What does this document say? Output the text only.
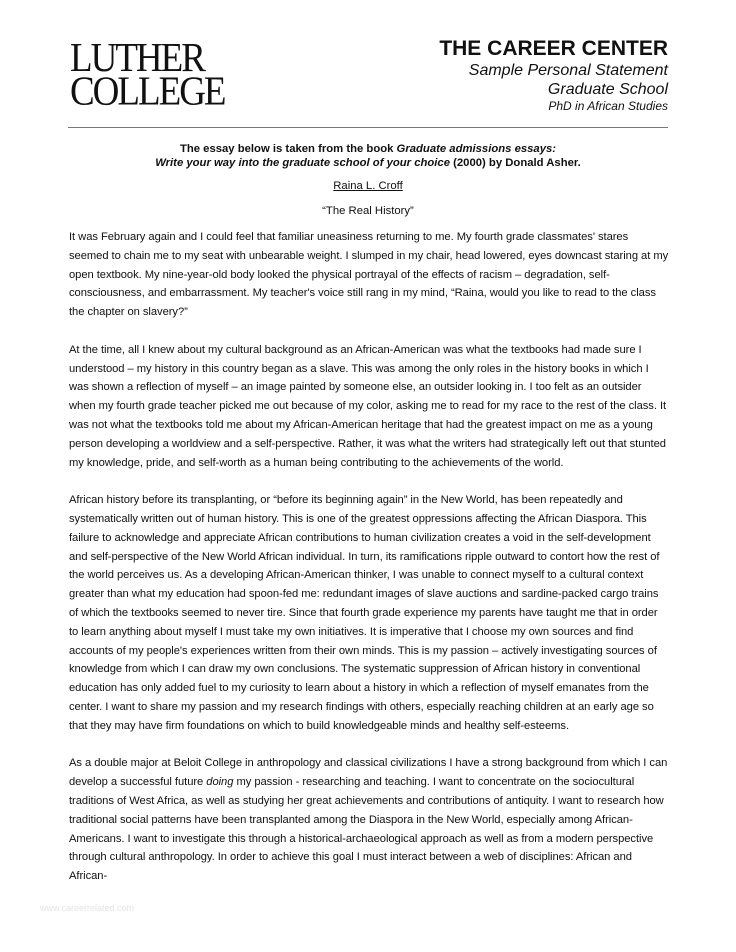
LUTHER
COLLEGE
THE CAREER CENTER
Sample Personal Statement
Graduate School
PhD in African Studies
The essay below is taken from the book Graduate admissions essays:
Write your way into the graduate school of your choice (2000) by Donald Asher.
Raina L. Croff
“The Real History”

It was February again and I could feel that familiar uneasiness returning to me. My fourth grade classmates' stares seemed to chain me to my seat with unbearable weight. I slumped in my chair, head lowered, eyes downcast staring at my open textbook. My nine-year-old body looked the physical portrayal of the effects of racism – degradation, self-consciousness, and embarrassment. My teacher's voice still rang in my mind, “Raina, would you like to read to the class the chapter on slavery?”

At the time, all I knew about my cultural background as an African-American was what the textbooks had made sure I understood – my history in this country began as a slave. This was among the only roles in the history books in which I was shown a reflection of myself – an image painted by someone else, an outsider looking in. I too felt as an outsider when my fourth grade teacher picked me out because of my color, asking me to read for my race to the rest of the class. It was not what the textbooks told me about my African-American heritage that had the greatest impact on me as a young person developing a worldview and a self-perspective. Rather, it was what the writers had strategically left out that stunted my knowledge, pride, and self-worth as a human being contributing to the achievements of the world.

African history before its transplanting, or “before its beginning again” in the New World, has been repeatedly and systematically written out of human history. This is one of the greatest oppressions affecting the African Diaspora. This failure to acknowledge and appreciate African contributions to human civilization creates a void in the self-development and self-perspective of the New World African individual. In turn, its ramifications ripple outward to contort how the rest of the world perceives us. As a developing African-American thinker, I was unable to connect myself to a cultural context greater than what my education had spoon-fed me: redundant images of slave auctions and sardine-packed cargo trains of which the textbooks seemed to never tire. Since that fourth grade experience my parents have taught me that in order to learn anything about myself I must take my own initiatives. It is imperative that I choose my own sources and find accounts of my people's experiences written from their own minds. This is my passion – actively investigating sources of knowledge from which I can draw my own conclusions. The systematic suppression of African history in conventional education has only added fuel to my curiosity to learn about a history in which a reflection of myself emanates from the center. I want to share my passion and my research findings with others, especially reaching children at an early age so that they may have firm foundations on which to build knowledgeable minds and healthy self-esteems.

As a double major at Beloit College in anthropology and classical civilizations I have a strong background from which I can develop a successful future doing my passion - researching and teaching. I want to concentrate on the sociocultural traditions of West Africa, as well as studying her great achievements and contributions of antiquity. I want to research how traditional social patterns have been transplanted among the Diaspora in the New World, especially among African-Americans. I want to investigate this through a historical-archaeological approach as well as from a modern perspective through cultural anthropology. In order to achieve this goal I must interact between a web of disciplines: African and African-

www.careerrelated.com
